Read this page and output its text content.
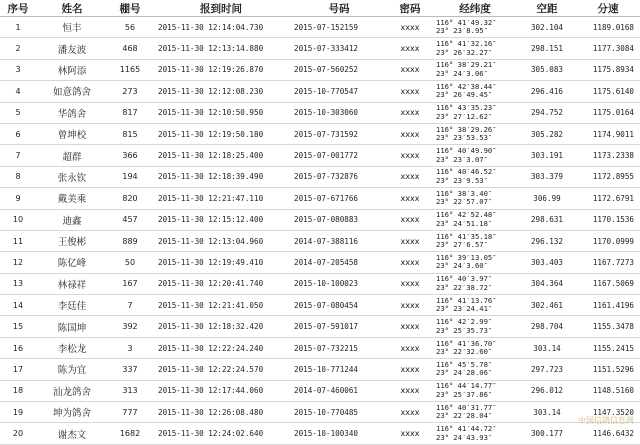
序号	姓名	棚号	报到时间	号码	密码	经纬度	空距	分速
1	恒丰	56	2015-11-30 12:14:04.730	2015-07-152159	xxxx	116° 41′49.32″
23° 23′8.95″	302.104	1189.0168
2	潘友波	468	2015-11-30 12:13:14.880	2015-07-333412	xxxx	116° 41′32.16″
23° 26′32.27″	298.151	1177.3084
3	林阿添	1165	2015-11-30 12:19:26.870	2015-07-560252	xxxx	116° 38′29.21″
23° 24′3.06″	305.083	1175.8934
4	如意鸽舍	273	2015-11-30 12:12:08.230	2015-10-770547	xxxx	116° 42′38.44″
23° 26′49.45″	296.416	1175.6140
5	华鸽舍	817	2015-11-30 12:10:50.950	2015-10-303060	xxxx	116° 43′35.23″
23° 27′12.62″	294.752	1175.0164
6	曾坤校	815	2015-11-30 12:19:50.180	2015-07-731592	xxxx	116° 38′29.26″
23° 23′53.53″	305.282	1174.9011
7	超群	366	2015-11-30 12:18:25.400	2015-07-001772	xxxx	116° 40′49.90″
23° 23′3.07″	303.191	1173.2338
8	张永钦	194	2015-11-30 12:18:39.490	2015-07-732876	xxxx	116° 40′46.52″
23° 23′9.53″	303.379	1172.8955
9	戴美乘	820	2015-11-30 12:21:47.110	2015-07-671766	xxxx	116° 38′3.40″
23° 22′57.07″	306.99	1172.6791
10	迪鑫	457	2015-11-30 12:15:12.400	2015-07-080883	xxxx	116° 42′52.48″
23° 24′51.18″	298.631	1170.1536
11	王俊彬	889	2015-11-30 12:13:04.960	2014-07-388116	xxxx	116° 41′35.18″
23° 27′6.57″	296.132	1170.0999
12	陈亿峰	50	2015-11-30 12:19:49.410	2014-07-205458	xxxx	116° 39′13.05″
23° 24′3.60″	303.403	1167.7273
13	林禄祥	167	2015-11-30 12:20:41.740	2015-10-100023	xxxx	116° 40′3.97″
23° 22′38.72″	304.364	1167.5069
14	李廷佳	7	2015-11-30 12:21:41.050	2015-07-080454	xxxx	116° 41′13.76″
23° 23′24.41″	302.461	1161.4196
15	陈国坤	392	2015-11-30 12:18:32.420	2015-07-591017	xxxx	116° 42′2.99″
23° 25′35.73″	298.704	1155.3478
16	李松龙	3	2015-11-30 12:22:24.240	2015-07-732215	xxxx	116° 41′36.70″
23° 22′32.60″	303.14	1155.2415
17	陈为宜	337	2015-11-30 12:22:24.570	2015-10-771244	xxxx	116° 45′5.78″
23° 24′28.06″	297.723	1151.5296
18	汕龙鸽舍	313	2015-11-30 12:17:44.060	2014-07-460061	xxxx	116° 44′14.77″
23° 25′37.86″	296.012	1148.5160
19	坤为鸽舍	777	2015-11-30 12:26:08.480	2015-10-770485	xxxx	116° 40′31.77″
23° 22′28.04″	303.14	1147.3520
20	谢杰文	1682	2015-11-30 12:24:02.640	2015-10-100340	xxxx	116° 41′44.72″
23° 24′43.93″	300.177	1146.6432
中国信鸽信息网
